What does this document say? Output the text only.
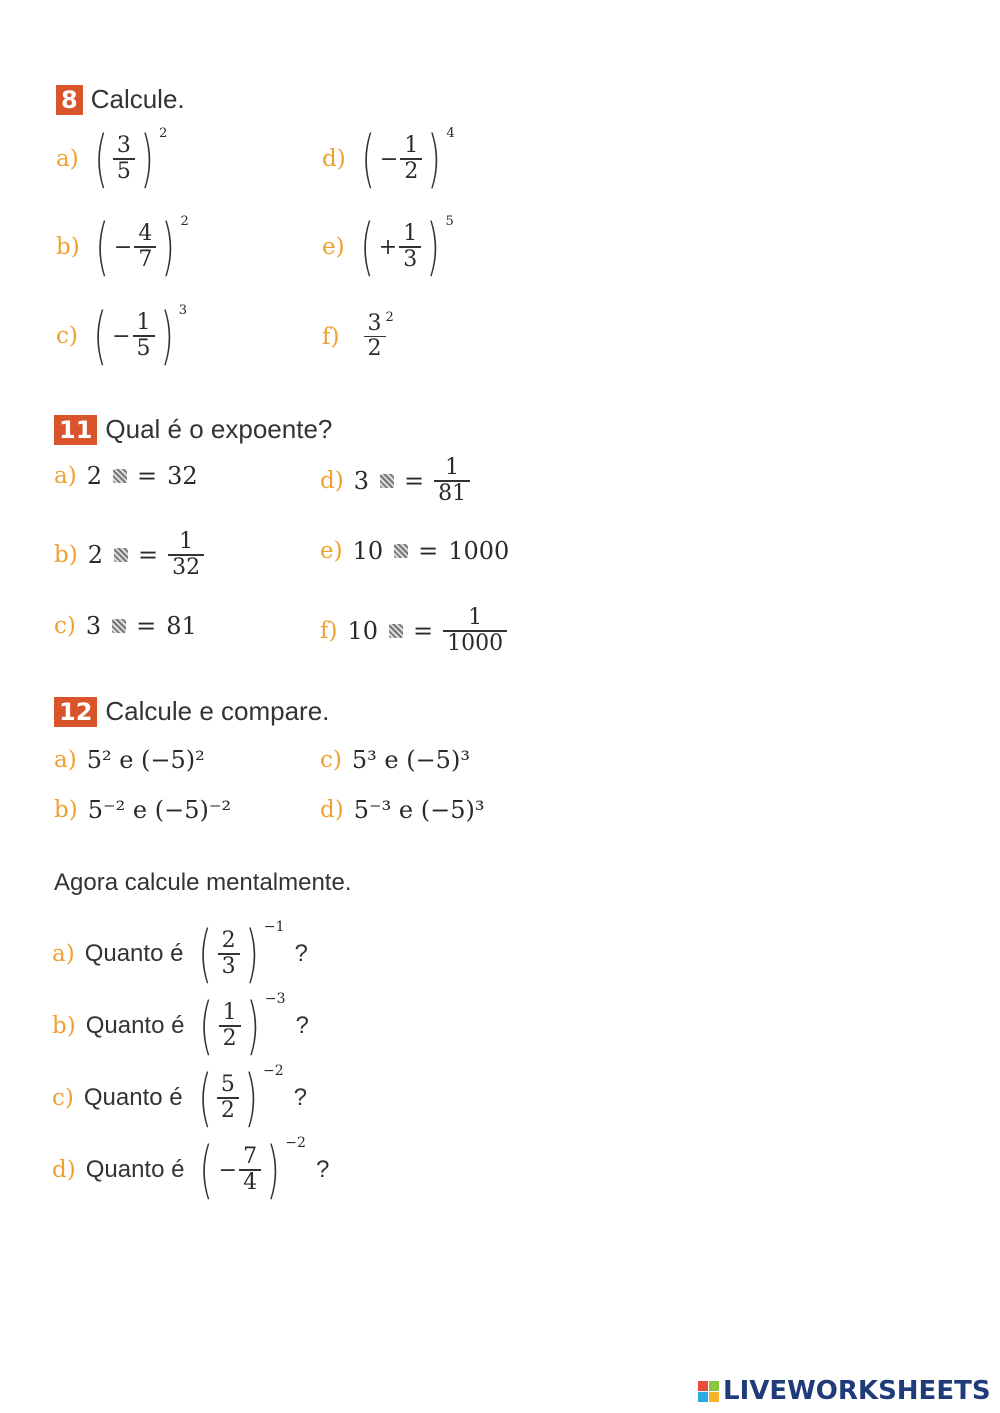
8 Calcule.
a) ( $\frac{3}{5}$ ) 2
b) ( − $\frac{4}{7}$ ) 2
c) ( − $\frac{1}{5}$ ) 3
d) ( − $\frac{1}{2}$ ) 4
e) ( + $\frac{1}{3}$ ) 5
$f) \frac{3}{2} 2$
11 Qual é o expoente?
a) 2 = 32
b) $2 = \frac{1}{32}$
c) 3 = 81
d) $3 = \frac{1}{81}$
e) 10 = 1000
f) $10 = \frac{1}{1000}$
12 Calcule e compare.
a) 5² e (−5)²
b) 5⁻² e (−5)⁻²
c) 5³ e (−5)³
d) 5⁻³ e (−5)³
Agora calcule mentalmente.
a) Quanto é ( $\frac{2}{3}$ ) −1
?
b) Quanto é ( $\frac{1}{2}$ ) −3
?
c) Quanto é ( $\frac{5}{2}$ ) −2
?
d) Quanto é ( − $\frac{7}{4}$ ) −2
?
LIVEWORKSHEETS
